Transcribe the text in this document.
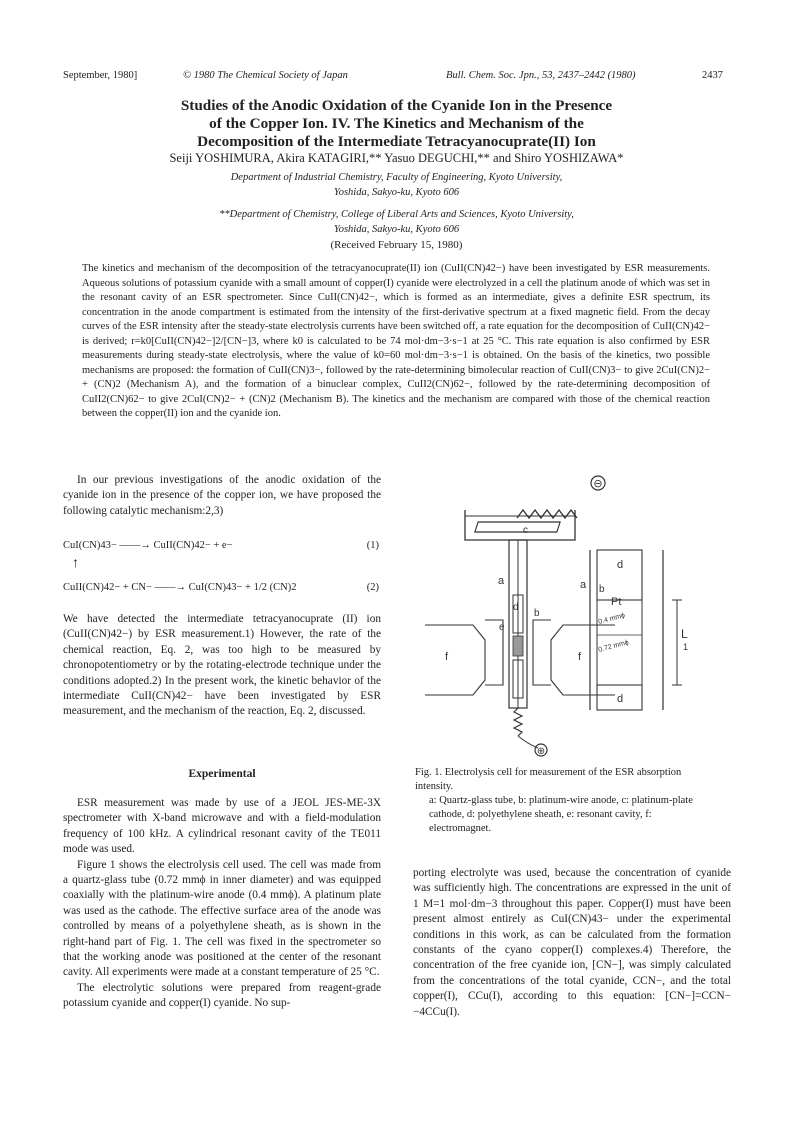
September, 1980]	© 1980 The Chemical Society of Japan	Bull. Chem. Soc. Jpn., 53, 2437–2442 (1980)	2437
Studies of the Anodic Oxidation of the Cyanide Ion in the Presence
of the Copper Ion. IV. The Kinetics and Mechanism of the
Decomposition of the Intermediate Tetracyanocuprate(II) Ion
Seiji YOSHIMURA, Akira KATAGIRI,** Yasuo DEGUCHI,** and Shiro YOSHIZAWA*
Department of Industrial Chemistry, Faculty of Engineering, Kyoto University,
Yoshida, Sakyo-ku, Kyoto 606
**Department of Chemistry, College of Liberal Arts and Sciences, Kyoto University,
Yoshida, Sakyo-ku, Kyoto 606
(Received February 15, 1980)
The kinetics and mechanism of the decomposition of the tetracyanocuprate(II) ion (CuII(CN)42−) have been investigated by ESR measurements. Aqueous solutions of potassium cyanide with a small amount of copper(I) cyanide were electrolyzed in a cell the platinum anode of which was set in the resonant cavity of an ESR spectrometer. Since CuII(CN)42−, which is formed as an intermediate, gives a definite ESR spectrum, its concentration in the anode compartment is estimated from the intensity of the first-derivative spectrum at a fixed magnetic field. From the decay curves of the ESR intensity after the steady-state electrolysis currents have been switched off, a rate equation for the decomposition of CuII(CN)42− is derived; r=k0[CuII(CN)42−]2/[CN−]3, where k0 is calculated to be 74 mol·dm−3·s−1 at 25 °C. This rate equation is also confirmed by ESR measurements during steady-state electrolysis, where the value of k0=60 mol·dm−3·s−1 is obtained. On the basis of the kinetics, two possible mechanisms are proposed: the formation of CuII(CN)3−, followed by the rate-determining bimolecular reaction of CuII(CN)3− to give 2CuI(CN)2− + (CN)2 (Mechanism A), and the formation of a binuclear complex, CuII2(CN)62−, followed by the rate-determining decomposition of CuII2(CN)62− to give 2CuI(CN)2− + (CN)2 (Mechanism B). The kinetics and the mechanism are compared with those of the chemical reaction between the copper(II) ion and the cyanide ion.

In our previous investigations of the anodic oxidation of the cyanide ion in the presence of the copper ion, we have proposed the following catalytic mechanism:2,3)

CuI(CN)43− ——→ CuII(CN)42− + e−	(1)
↑
CuII(CN)42− + CN− ——→ CuI(CN)43− + 1/2 (CN)2	(2)

We have detected the intermediate tetracyanocuprate (II) ion (CuII(CN)42−) by ESR measurement.1) However, the rate of the chemical reaction, Eq. 2, was too high to be measured by chronopotentiometry or by the rotating-electrode technique under the conditions adopted.2) In the present work, the kinetic behavior of the intermediate CuII(CN)42− have been investigated by ESR measurement, and the mechanism of the reaction, Eq. 2, discussed.

Experimental

ESR measurement was made by use of a JEOL JES-ME-3X spectrometer with X-band microwave and with a field-modulation frequency of 100 kHz. A cylindrical resonant cavity of the TE011 mode was used.

Figure 1 shows the electrolysis cell used. The cell was made from a quartz-glass tube (0.72 mmϕ in inner diameter) and was equipped coaxially with the platinum-wire anode (0.4 mmϕ). A platinum plate was used as the cathode. The effective surface area of the anode was controlled by means of a polyethylene sheath, as is shown in the right-hand part of Fig. 1. The cell was fixed in the spectrometer so that the working anode was positioned at the center of the resonant cavity. All experiments were made at a constant temperature of 25 °C.

The electrolytic solutions were prepared from reagent-grade potassium cyanide and copper(I) cyanide. No sup-

⊖
c
a
d
b
e
f	f
⊕
d
a b
Pt
0.4 mmϕ
0.72 mmϕ
d
L
1
Fig. 1. Electrolysis cell for measurement of the ESR absorption intensity.
a: Quartz-glass tube, b: platinum-wire anode, c: platinum-plate cathode, d: polyethylene sheath, e: resonant cavity, f: electromagnet.

porting electrolyte was used, because the concentration of cyanide was sufficiently high. The concentrations are expressed in the unit of 1 M=1 mol·dm−3 throughout this paper. Copper(I) must have been present almost entirely as CuI(CN)43− under the experimental conditions in this work, as can be calculated from the formation constants of the cyano copper(I) complexes.4) Therefore, the concentration of the free cyanide ion, [CN−], was simply calculated from the concentrations of the total cyanide, CCN−, and the total copper(I), CCu(I), according to this equation: [CN−]=CCN−−4CCu(I).
